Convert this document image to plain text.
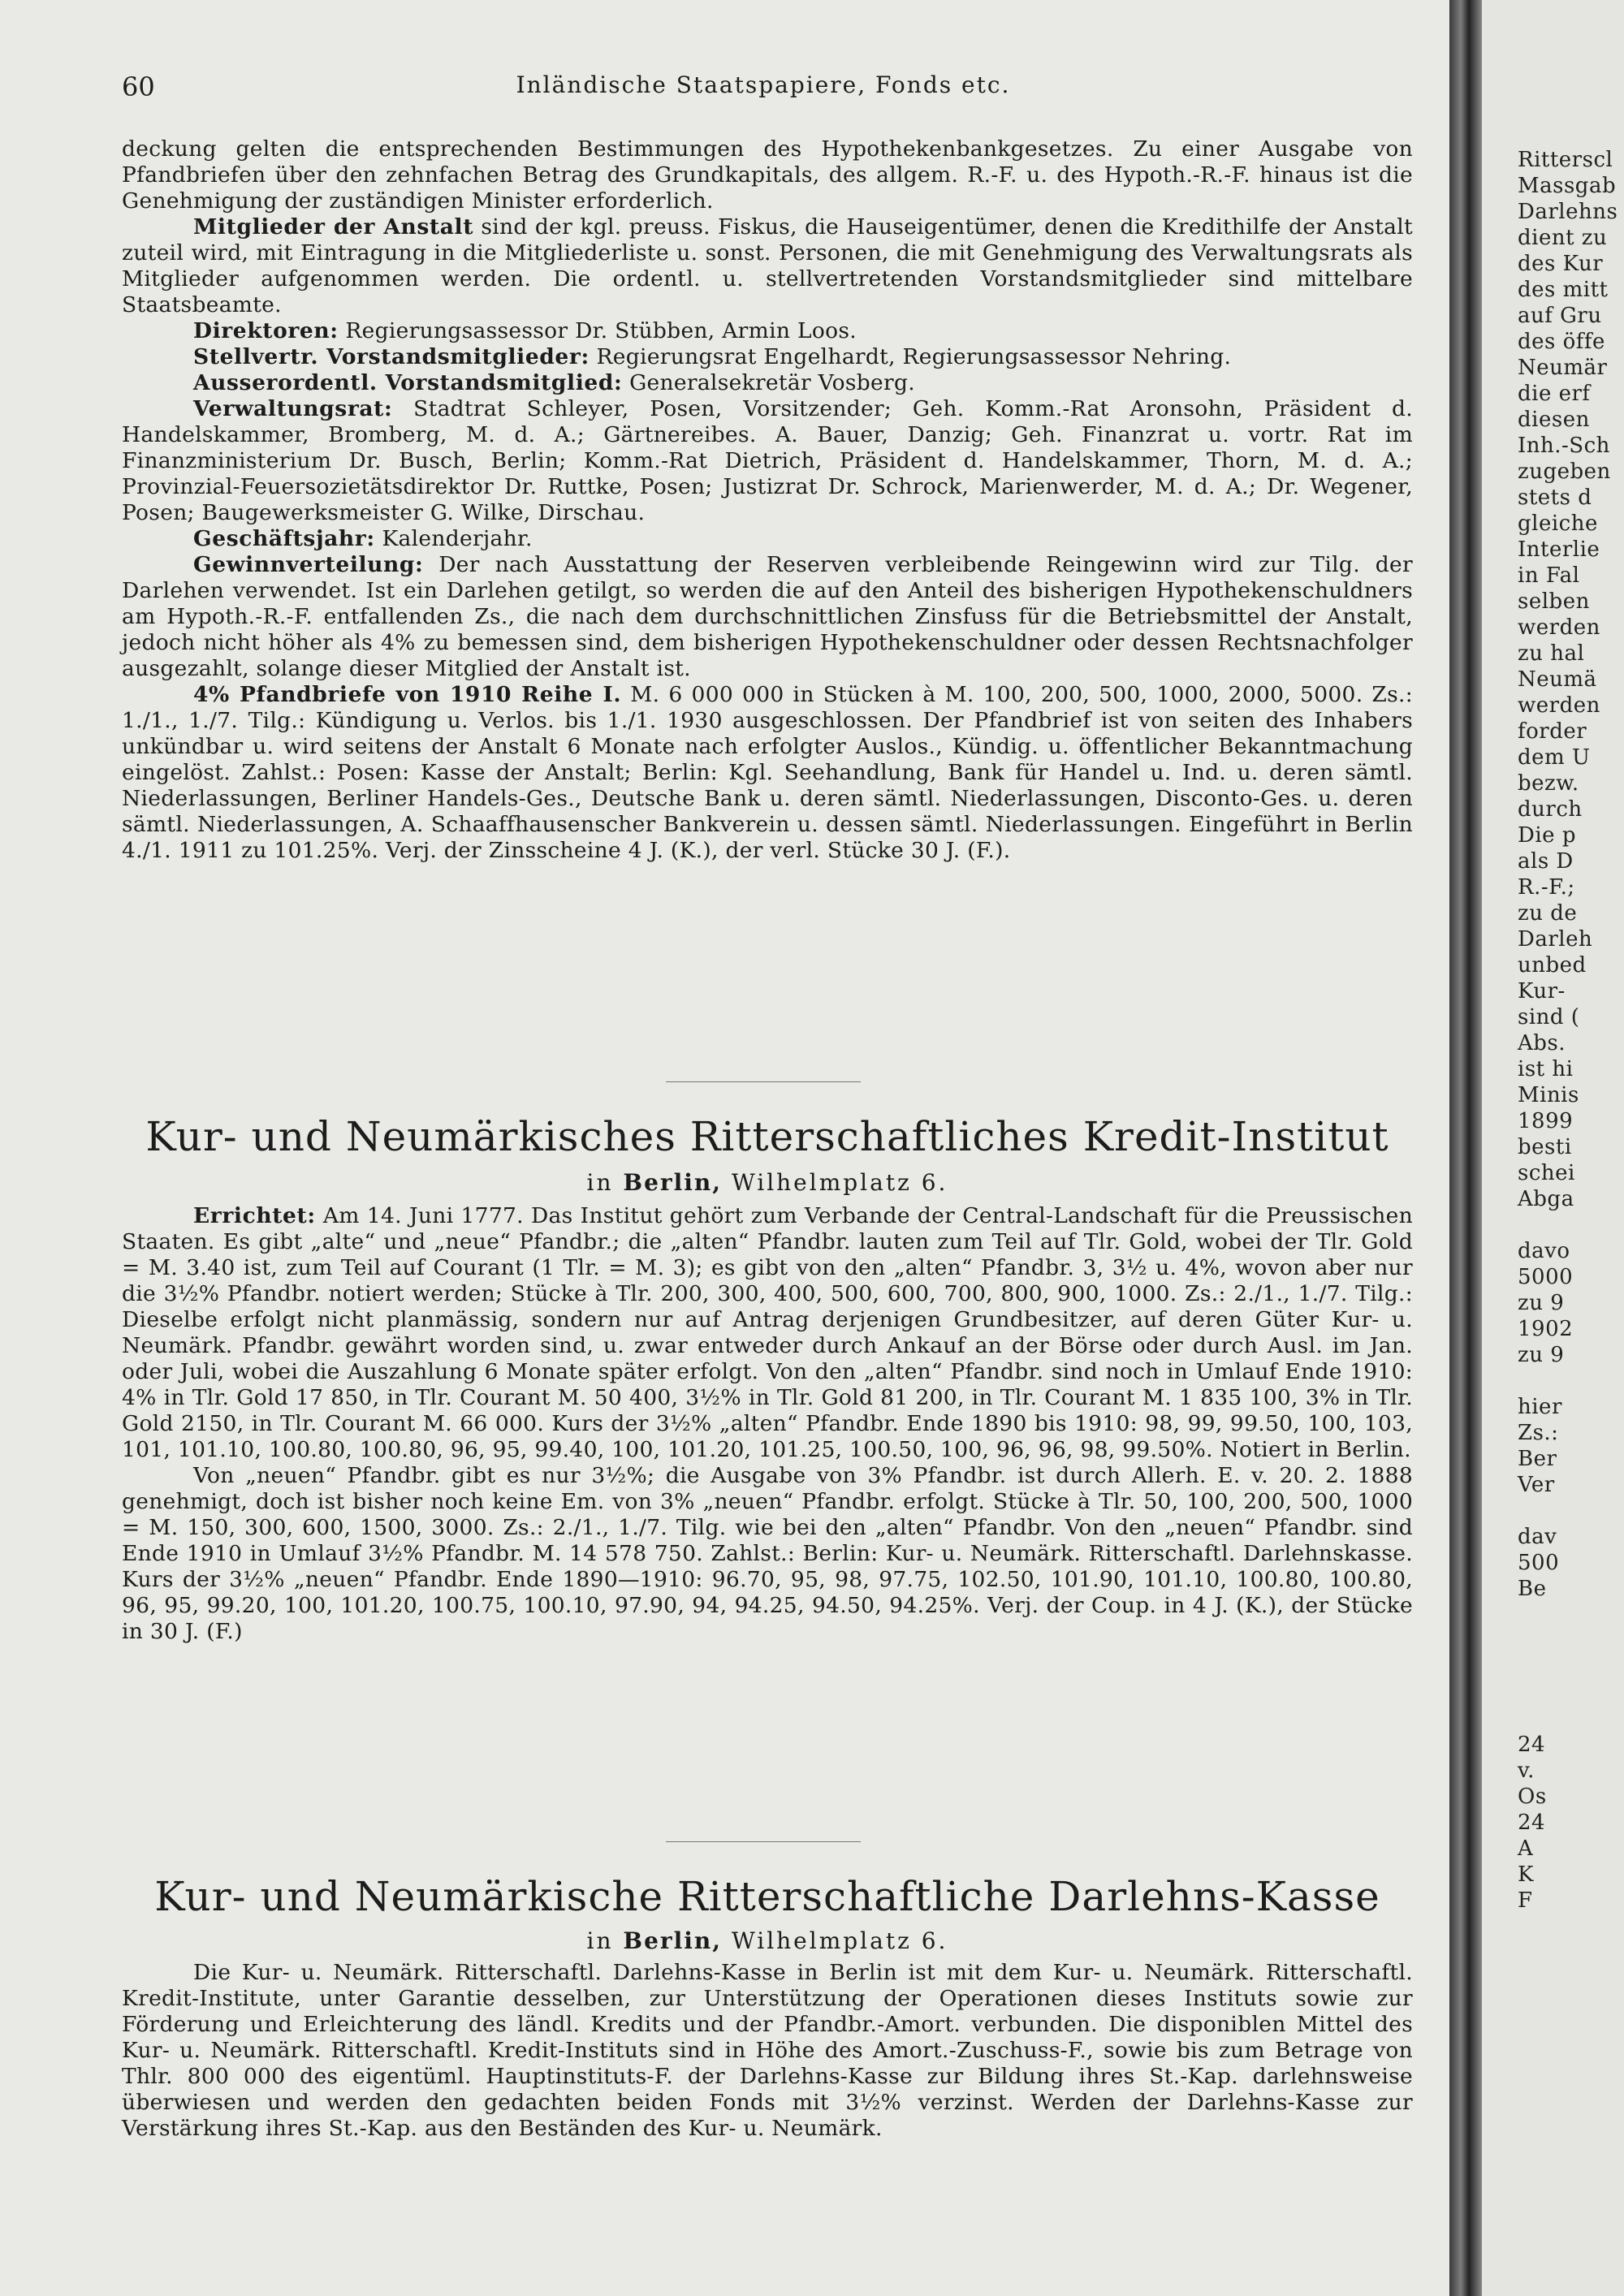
60	Inländische Staatspapiere, Fonds etc.

deckung gelten die entsprechenden Bestimmungen des Hypothekenbankgesetzes. Zu einer Ausgabe von Pfandbriefen über den zehnfachen Betrag des Grundkapitals, des allgem. R.-F. u. des Hypoth.-R.-F. hinaus ist die Genehmigung der zuständigen Minister erforderlich.

Mitglieder der Anstalt sind der kgl. preuss. Fiskus, die Hauseigentümer, denen die Kredithilfe der Anstalt zuteil wird, mit Eintragung in die Mitgliederliste u. sonst. Personen, die mit Genehmigung des Verwaltungsrats als Mitglieder aufgenommen werden. Die ordentl. u. stellvertretenden Vorstandsmitglieder sind mittelbare Staatsbeamte.

Direktoren: Regierungsassessor Dr. Stübben, Armin Loos.

Stellvertr. Vorstandsmitglieder: Regierungsrat Engelhardt, Regierungsassessor Nehring.

Ausserordentl. Vorstandsmitglied: Generalsekretär Vosberg.

Verwaltungsrat: Stadtrat Schleyer, Posen, Vorsitzender; Geh. Komm.-Rat Aronsohn, Präsident d. Handelskammer, Bromberg, M. d. A.; Gärtnereibes. A. Bauer, Danzig; Geh. Finanzrat u. vortr. Rat im Finanzministerium Dr. Busch, Berlin; Komm.-Rat Dietrich, Präsident d. Handelskammer, Thorn, M. d. A.; Provinzial-Feuersozietätsdirektor Dr. Ruttke, Posen; Justizrat Dr. Schrock, Marienwerder, M. d. A.; Dr. Wegener, Posen; Baugewerksmeister G. Wilke, Dirschau.

Geschäftsjahr: Kalenderjahr.

Gewinnverteilung: Der nach Ausstattung der Reserven verbleibende Reingewinn wird zur Tilg. der Darlehen verwendet. Ist ein Darlehen getilgt, so werden die auf den Anteil des bisherigen Hypothekenschuldners am Hypoth.-R.-F. entfallenden Zs., die nach dem durchschnittlichen Zinsfuss für die Betriebsmittel der Anstalt, jedoch nicht höher als 4% zu bemessen sind, dem bisherigen Hypothekenschuldner oder dessen Rechtsnachfolger ausgezahlt, solange dieser Mitglied der Anstalt ist.

4% Pfandbriefe von 1910 Reihe I. M. 6 000 000 in Stücken à M. 100, 200, 500, 1000, 2000, 5000. Zs.: 1./1., 1./7. Tilg.: Kündigung u. Verlos. bis 1./1. 1930 ausgeschlossen. Der Pfandbrief ist von seiten des Inhabers unkündbar u. wird seitens der Anstalt 6 Monate nach erfolgter Auslos., Kündig. u. öffentlicher Bekanntmachung eingelöst. Zahlst.: Posen: Kasse der Anstalt; Berlin: Kgl. Seehandlung, Bank für Handel u. Ind. u. deren sämtl. Niederlassungen, Berliner Handels-Ges., Deutsche Bank u. deren sämtl. Niederlassungen, Disconto-Ges. u. deren sämtl. Niederlassungen, A. Schaaffhausenscher Bankverein u. dessen sämtl. Niederlassungen. Eingeführt in Berlin 4./1. 1911 zu 101.25%. Verj. der Zinsscheine 4 J. (K.), der verl. Stücke 30 J. (F.).

Kur- und Neumärkisches Ritterschaftliches Kredit-Institut
in Berlin, Wilhelmplatz 6.

Errichtet: Am 14. Juni 1777. Das Institut gehört zum Verbande der Central-Landschaft für die Preussischen Staaten. Es gibt „alte“ und „neue“ Pfandbr.; die „alten“ Pfandbr. lauten zum Teil auf Tlr. Gold, wobei der Tlr. Gold = M. 3.40 ist, zum Teil auf Courant (1 Tlr. = M. 3); es gibt von den „alten“ Pfandbr. 3, 3½ u. 4%, wovon aber nur die 3½% Pfandbr. notiert werden; Stücke à Tlr. 200, 300, 400, 500, 600, 700, 800, 900, 1000. Zs.: 2./1., 1./7. Tilg.: Dieselbe erfolgt nicht planmässig, sondern nur auf Antrag derjenigen Grundbesitzer, auf deren Güter Kur- u. Neumärk. Pfandbr. gewährt worden sind, u. zwar entweder durch Ankauf an der Börse oder durch Ausl. im Jan. oder Juli, wobei die Auszahlung 6 Monate später erfolgt. Von den „alten“ Pfandbr. sind noch in Umlauf Ende 1910: 4% in Tlr. Gold 17 850, in Tlr. Courant M. 50 400, 3½% in Tlr. Gold 81 200, in Tlr. Courant M. 1 835 100, 3% in Tlr. Gold 2150, in Tlr. Courant M. 66 000. Kurs der 3½% „alten“ Pfandbr. Ende 1890 bis 1910: 98, 99, 99.50, 100, 103, 101, 101.10, 100.80, 100.80, 96, 95, 99.40, 100, 101.20, 101.25, 100.50, 100, 96, 96, 98, 99.50%. Notiert in Berlin.

Von „neuen“ Pfandbr. gibt es nur 3½%; die Ausgabe von 3% Pfandbr. ist durch Allerh. E. v. 20. 2. 1888 genehmigt, doch ist bisher noch keine Em. von 3% „neuen“ Pfandbr. erfolgt. Stücke à Tlr. 50, 100, 200, 500, 1000 = M. 150, 300, 600, 1500, 3000. Zs.: 2./1., 1./7. Tilg. wie bei den „alten“ Pfandbr. Von den „neuen“ Pfandbr. sind Ende 1910 in Umlauf 3½% Pfandbr. M. 14 578 750. Zahlst.: Berlin: Kur- u. Neumärk. Ritterschaftl. Darlehnskasse. Kurs der 3½% „neuen“ Pfandbr. Ende 1890—1910: 96.70, 95, 98, 97.75, 102.50, 101.90, 101.10, 100.80, 100.80, 96, 95, 99.20, 100, 101.20, 100.75, 100.10, 97.90, 94, 94.25, 94.50, 94.25%. Verj. der Coup. in 4 J. (K.), der Stücke in 30 J. (F.)

Kur- und Neumärkische Ritterschaftliche Darlehns-Kasse
in Berlin, Wilhelmplatz 6.

Die Kur- u. Neumärk. Ritterschaftl. Darlehns-Kasse in Berlin ist mit dem Kur- u. Neumärk. Ritterschaftl. Kredit-Institute, unter Garantie desselben, zur Unterstützung der Operationen dieses Instituts sowie zur Förderung und Erleichterung des ländl. Kredits und der Pfandbr.-Amort. verbunden. Die disponiblen Mittel des Kur- u. Neumärk. Ritterschaftl. Kredit-Instituts sind in Höhe des Amort.-Zuschuss-F., sowie bis zum Betrage von Thlr. 800 000 des eigentüml. Hauptinstituts-F. der Darlehns-Kasse zur Bildung ihres St.-Kap. darlehnsweise überwiesen und werden den gedachten beiden Fonds mit 3½% verzinst. Werden der Darlehns-Kasse zur Verstärkung ihres St.-Kap. aus den Beständen des Kur- u. Neumärk.

Ritterscl
Massgab
Darlehns
dient zu
des Kur
des mitt
auf Gru
des öffe
Neumär
die erf
diesen
Inh.-Sch
zugeben
stets d
gleiche
Interlie
in Fal
selben
werden
zu hal
Neumä
werden
forder
dem U
bezw.
durch
Die p
als D
R.-F.;
zu de
Darleh
unbed
Kur-
sind (
Abs.
ist hi
Minis
1899
besti
schei
Abga
davo
5000
zu 9
1902
zu 9
hier
Zs.:
Ber
Ver
dav
500
Be
24
v.
Os
24
A
K
F
